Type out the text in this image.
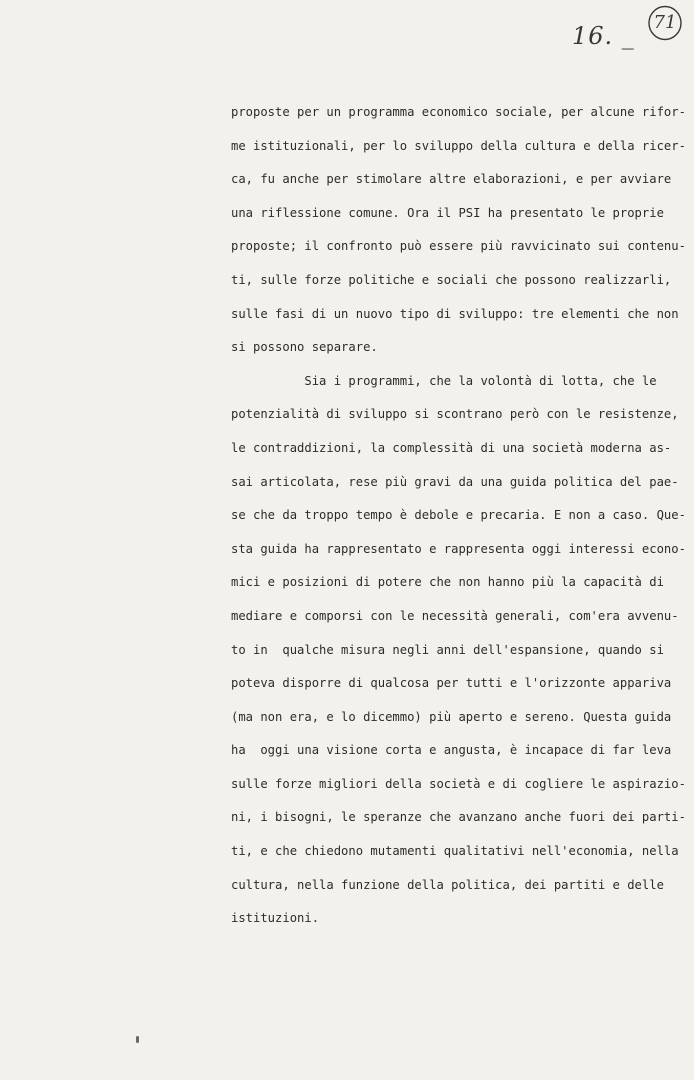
16. _	71
proposte per un programma economico sociale, per alcune rifor-
me istituzionali, per lo sviluppo della cultura e della ricer-
ca, fu anche per stimolare altre elaborazioni, e per avviare
una riflessione comune. Ora il PSI ha presentato le proprie
proposte; il confronto può essere più ravvicinato sui contenu-
ti, sulle forze politiche e sociali che possono realizzarli,
sulle fasi di un nuovo tipo di sviluppo: tre elementi che non
si possono separare.
Sia i programmi, che la volontà di lotta, che le
potenzialità di sviluppo si scontrano però con le resistenze,
le contraddizioni, la complessità di una società moderna as-
sai articolata, rese più gravi da una guida politica del pae-
se che da troppo tempo è debole e precaria. E non a caso. Que-
sta guida ha rappresentato e rappresenta oggi interessi econo-
mici e posizioni di potere che non hanno più la capacità di
mediare e comporsi con le necessità generali, com'era avvenu-
to in  qualche misura negli anni dell'espansione, quando si
poteva disporre di qualcosa per tutti e l'orizzonte appariva
(ma non era, e lo dicemmo) più aperto e sereno. Questa guida
ha  oggi una visione corta e angusta, è incapace di far leva
sulle forze migliori della società e di cogliere le aspirazio-
ni, i bisogni, le speranze che avanzano anche fuori dei parti-
ti, e che chiedono mutamenti qualitativi nell'economia, nella
cultura, nella funzione della politica, dei partiti e delle
istituzioni.
